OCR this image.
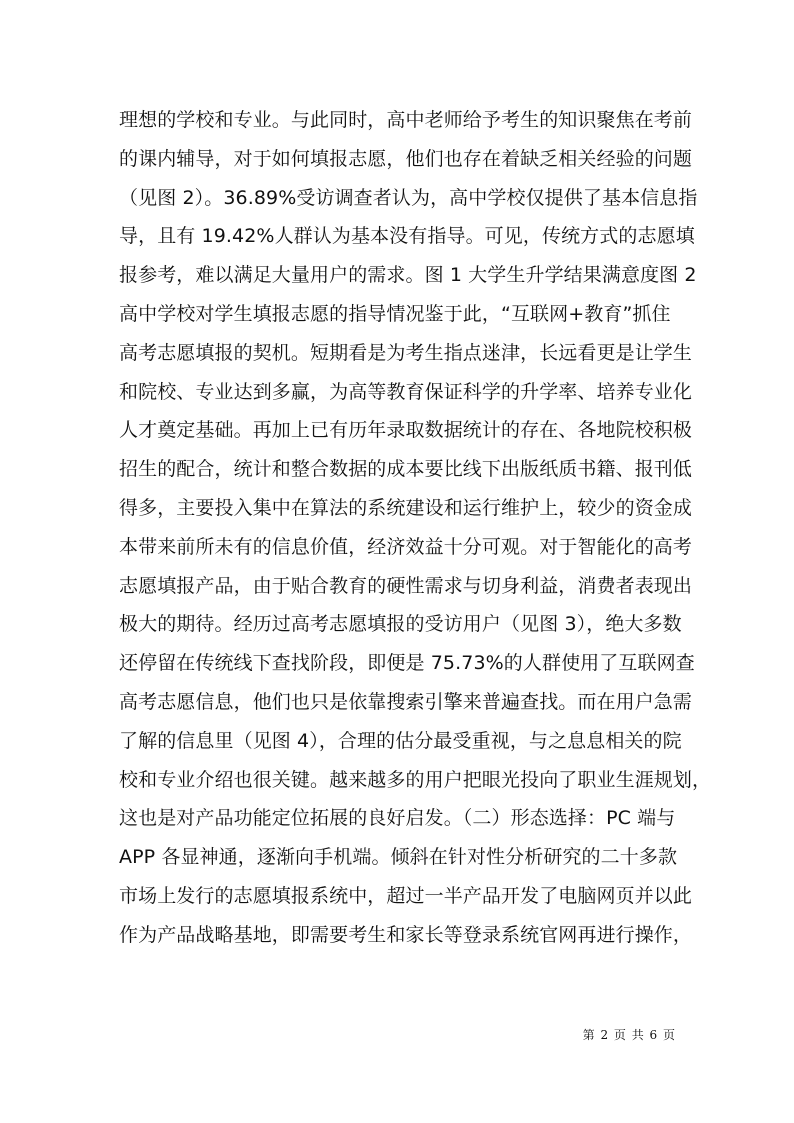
理想的学校和专业。与此同时，高中老师给予考生的知识聚焦在考前
的课内辅导，对于如何填报志愿，他们也存在着缺乏相关经验的问题
（见图 2）。36.89%受访调查者认为，高中学校仅提供了基本信息指
导，且有 19.42%人群认为基本没有指导。可见，传统方式的志愿填
报参考，难以满足大量用户的需求。图 1 大学生升学结果满意度图 2
高中学校对学生填报志愿的指导情况鉴于此，“互联网+教育”抓住
高考志愿填报的契机。短期看是为考生指点迷津，长远看更是让学生
和院校、专业达到多赢，为高等教育保证科学的升学率、培养专业化
人才奠定基础。再加上已有历年录取数据统计的存在、各地院校积极
招生的配合，统计和整合数据的成本要比线下出版纸质书籍、报刊低
得多，主要投入集中在算法的系统建设和运行维护上，较少的资金成
本带来前所未有的信息价值，经济效益十分可观。对于智能化的高考
志愿填报产品，由于贴合教育的硬性需求与切身利益，消费者表现出
极大的期待。经历过高考志愿填报的受访用户（见图 3），绝大多数
还停留在传统线下查找阶段，即便是 75.73%的人群使用了互联网查
高考志愿信息，他们也只是依靠搜索引擎来普遍查找。而在用户急需
了解的信息里（见图 4），合理的估分最受重视，与之息息相关的院
校和专业介绍也很关键。越来越多的用户把眼光投向了职业生涯规划，
这也是对产品功能定位拓展的良好启发。（二）形态选择：PC 端与
APP 各显神通，逐渐向手机端。倾斜在针对性分析研究的二十多款
市场上发行的志愿填报系统中，超过一半产品开发了电脑网页并以此
作为产品战略基地，即需要考生和家长等登录系统官网再进行操作，
第 2 页 共 6 页
